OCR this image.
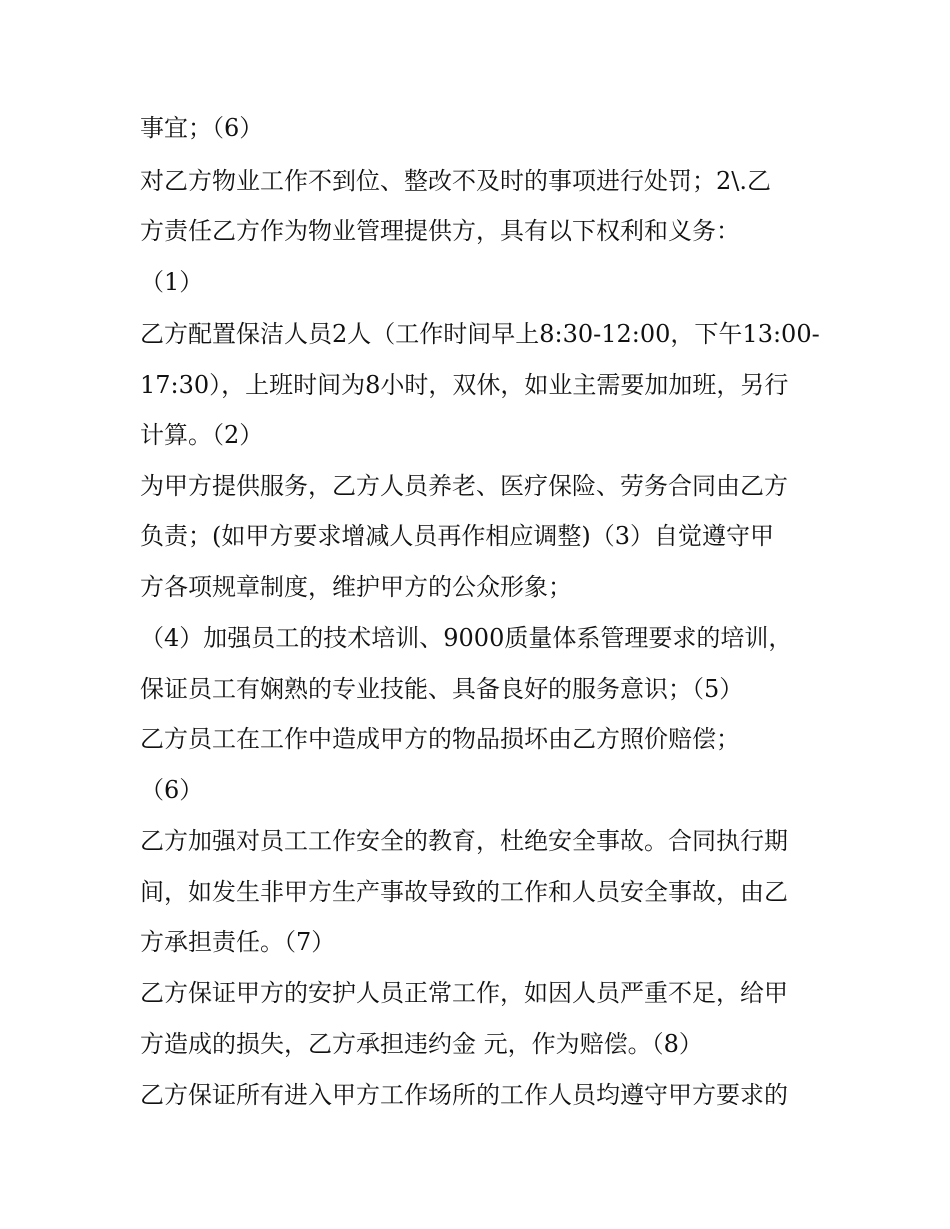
事宜；（6）

对乙方物业工作不到位、整改不及时的事项进行处罚；2\.乙

方责任乙方作为物业管理提供方，具有以下权利和义务：

（1）

乙方配置保洁人员2人（工作时间早上8:30-12:00，下午13:00-

17:30），上班时间为8小时，双休，如业主需要加加班，另行

计算。（2）

为甲方提供服务，乙方人员养老、医疗保险、劳务合同由乙方

负责；(如甲方要求增减人员再作相应调整)（3）自觉遵守甲

方各项规章制度，维护甲方的公众形象；

（4）加强员工的技术培训、9000质量体系管理要求的培训，

保证员工有娴熟的专业技能、具备良好的服务意识；（5）

乙方员工在工作中造成甲方的物品损坏由乙方照价赔偿；

（6）

乙方加强对员工工作安全的教育，杜绝安全事故。合同执行期

间，如发生非甲方生产事故导致的工作和人员安全事故，由乙

方承担责任。（7）

乙方保证甲方的安护人员正常工作，如因人员严重不足，给甲

方造成的损失，乙方承担违约金 元，作为赔偿。（8）

乙方保证所有进入甲方工作场所的工作人员均遵守甲方要求的
